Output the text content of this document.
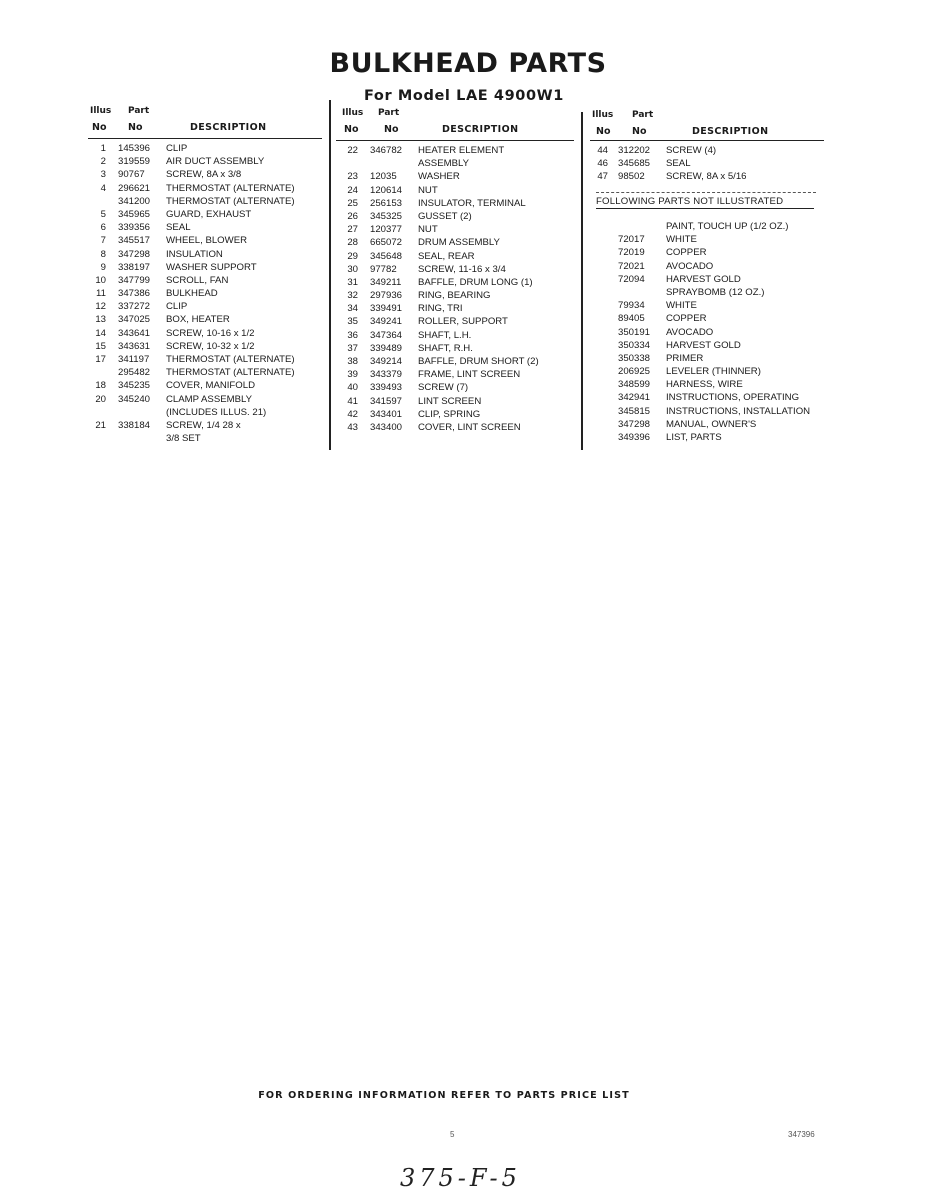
BULKHEAD PARTS
For Model LAE 4900W1
Illus Part
No No	DESCRIPTION
1 145396 CLIP
2 319559 AIR DUCT ASSEMBLY
3 90767 SCREW, 8A x 3/8
4 296621 THERMOSTAT (ALTERNATE)
341200 THERMOSTAT (ALTERNATE)
5 345965 GUARD, EXHAUST
6 339356 SEAL
7 345517 WHEEL, BLOWER
8 347298 INSULATION
9 338197 WASHER SUPPORT
10 347799 SCROLL, FAN
11 347386 BULKHEAD
12 337272 CLIP
13 347025 BOX, HEATER
14 343641 SCREW, 10-16 x 1/2
15 343631 SCREW, 10-32 x 1/2
17 341197 THERMOSTAT (ALTERNATE)
295482 THERMOSTAT (ALTERNATE)
18 345235 COVER, MANIFOLD
20 345240 CLAMP ASSEMBLY
(INCLUDES ILLUS. 21)
21 338184 SCREW, 1/4 28 x
3/8 SET
Illus Part
No	No	DESCRIPTION
22 346782 HEATER ELEMENT
ASSEMBLY
23 12035 WASHER
24 120614 NUT
25 256153 INSULATOR, TERMINAL
26 345325 GUSSET (2)
27 120377 NUT
28 665072 DRUM ASSEMBLY
29 345648 SEAL, REAR
30 97782 SCREW, 11-16 x 3/4
31 349211 BAFFLE, DRUM LONG (1)
32 297936 RING, BEARING
34 339491 RING, TRI
35 349241 ROLLER, SUPPORT
36 347364 SHAFT, L.H.
37 339489 SHAFT, R.H.
38 349214 BAFFLE, DRUM SHORT (2)
39 343379 FRAME, LINT SCREEN
40 339493 SCREW (7)
41 341597 LINT SCREEN
42 343401 CLIP, SPRING
43 343400 COVER, LINT SCREEN
Illus Part
No No	DESCRIPTION
44 312202 SCREW (4)
46 345685 SEAL
47 98502 SCREW, 8A x 5/16
FOLLOWING PARTS NOT ILLUSTRATED
PAINT, TOUCH UP (1/2 OZ.)
72017 WHITE
72019 COPPER
72021 AVOCADO
72094 HARVEST GOLD
SPRAYBOMB (12 OZ.)
79934 WHITE
89405 COPPER
350191 AVOCADO
350334 HARVEST GOLD
350338 PRIMER
206925 LEVELER (THINNER)
348599 HARNESS, WIRE
342941 INSTRUCTIONS, OPERATING
345815 INSTRUCTIONS, INSTALLATION
347298 MANUAL, OWNER'S
349396 LIST, PARTS
FOR ORDERING INFORMATION REFER TO PARTS PRICE LIST
5	347396
375-F-5
